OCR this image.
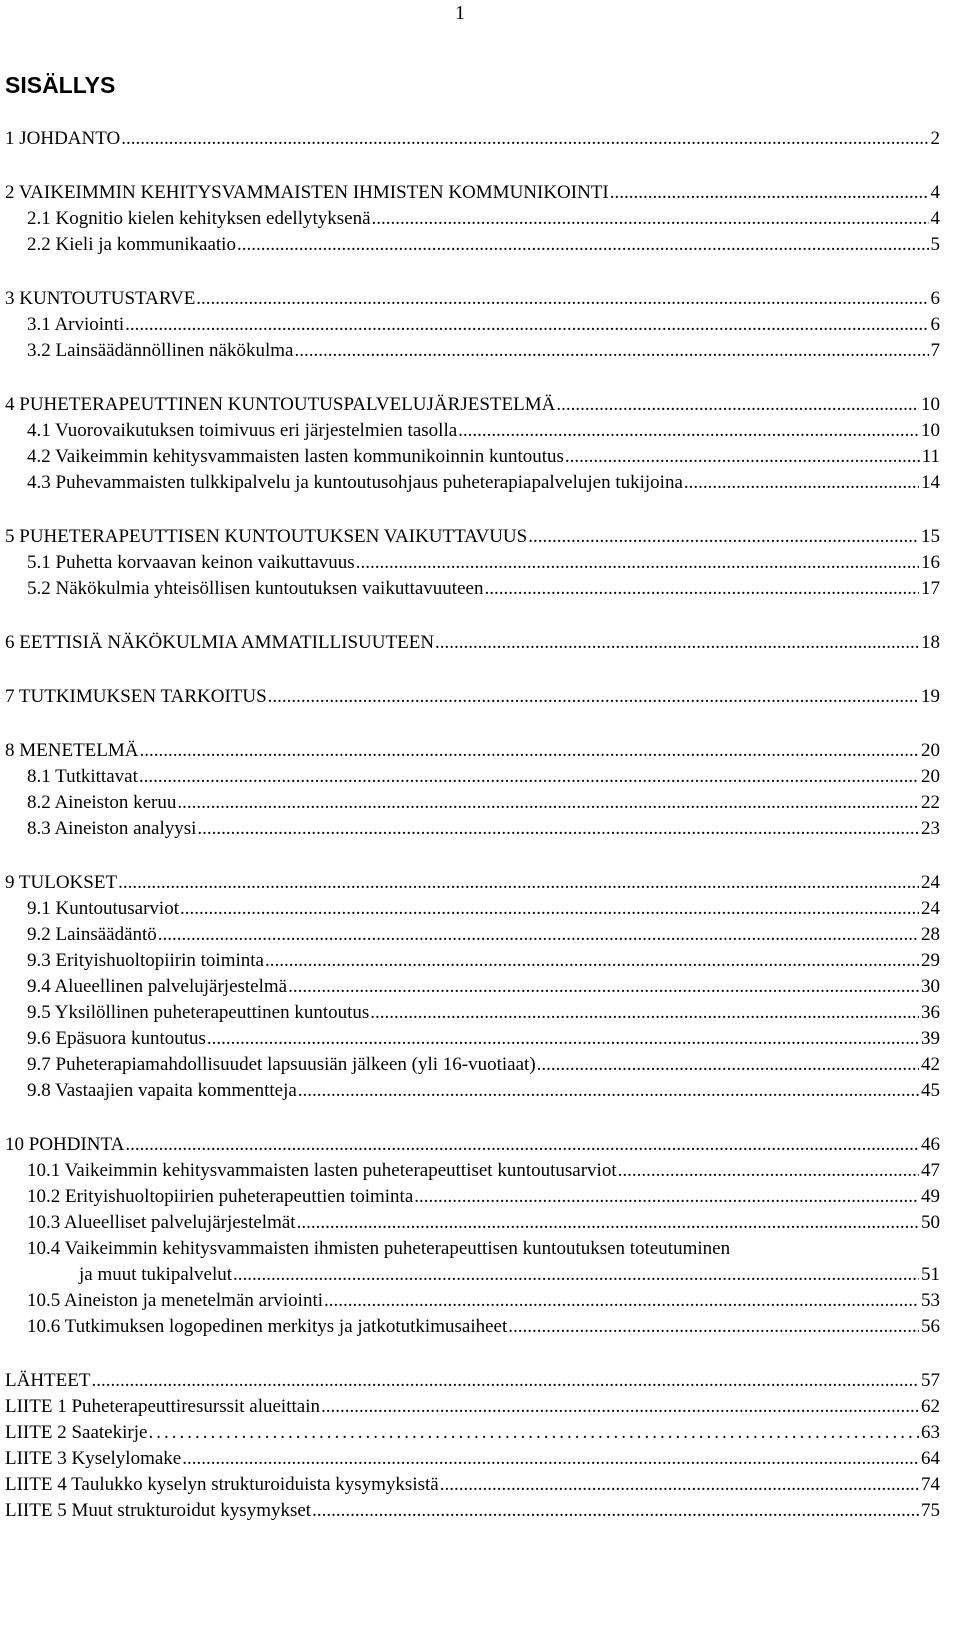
1
SISÄLLYS
1 JOHDANTO .....	2
2 VAIKEIMMIN KEHITYSVAMMAISTEN IHMISTEN KOMMUNIKOINTI .....	4
2.1 Kognitio kielen kehityksen edellytyksenä .....	4
2.2 Kieli ja kommunikaatio .....	5
3 KUNTOUTUSTARVE .....	6
3.1 Arviointi .....	6
3.2 Lainsäädännöllinen näkökulma .....	7
4 PUHETERAPEUTTINEN KUNTOUTUSPALVELUJÄRJESTELMÄ .....	10
4.1 Vuorovaikutuksen toimivuus eri järjestelmien tasolla .....	10
4.2 Vaikeimmin kehitysvammaisten lasten kommunikoinnin kuntoutus .....	11
4.3 Puhevammaisten tulkkipalvelu ja kuntoutusohjaus puheterapiapalvelujen tukijoina .....	14
5 PUHETERAPEUTTISEN KUNTOUTUKSEN VAIKUTTAVUUS .....	15
5.1 Puhetta korvaavan keinon vaikuttavuus .....	16
5.2 Näkökulmia yhteisöllisen kuntoutuksen vaikuttavuuteen .....	17
6 EETTISIÄ NÄKÖKULMIA AMMATILLISUUTEEN .....	18
7 TUTKIMUKSEN TARKOITUS .....	19
8 MENETELMÄ .....	20
8.1 Tutkittavat .....	20
8.2 Aineiston keruu .....	22
8.3 Aineiston analyysi .....	23
9 TULOKSET .....	24
9.1 Kuntoutusarviot .....	24
9.2 Lainsäädäntö .....	28
9.3 Erityishuoltopiirin toiminta .....	29
9.4 Alueellinen palvelujärjestelmä .....	30
9.5 Yksilöllinen puheterapeuttinen kuntoutus .....	36
9.6 Epäsuora kuntoutus .....	39
9.7 Puheterapiamahdollisuudet lapsuusiän jälkeen (yli 16-vuotiaat) .....	42
9.8 Vastaajien vapaita kommentteja .....	45
10 POHDINTA .....	46
10.1 Vaikeimmin kehitysvammaisten lasten puheterapeuttiset kuntoutusarviot .....	47
10.2 Erityishuoltopiirien puheterapeuttien toiminta .....	49
10.3 Alueelliset palvelujärjestelmät .....	50
10.4 Vaikeimmin kehitysvammaisten ihmisten puheterapeuttisen kuntoutuksen toteutuminen
ja muut tukipalvelut .....	51
10.5 Aineiston ja menetelmän arviointi .....	53
10.6 Tutkimuksen logopedinen merkitys ja jatkotutkimusaiheet .....	56
LÄHTEET .....	57
LIITE 1 Puheterapeuttiresurssit alueittain .....	62
LIITE 2 Saatekirje .....	63
LIITE 3 Kyselylomake .....	64
LIITE 4 Taulukko kyselyn strukturoiduista kysymyksistä .....	74
LIITE 5 Muut strukturoidut kysymykset .....	75
